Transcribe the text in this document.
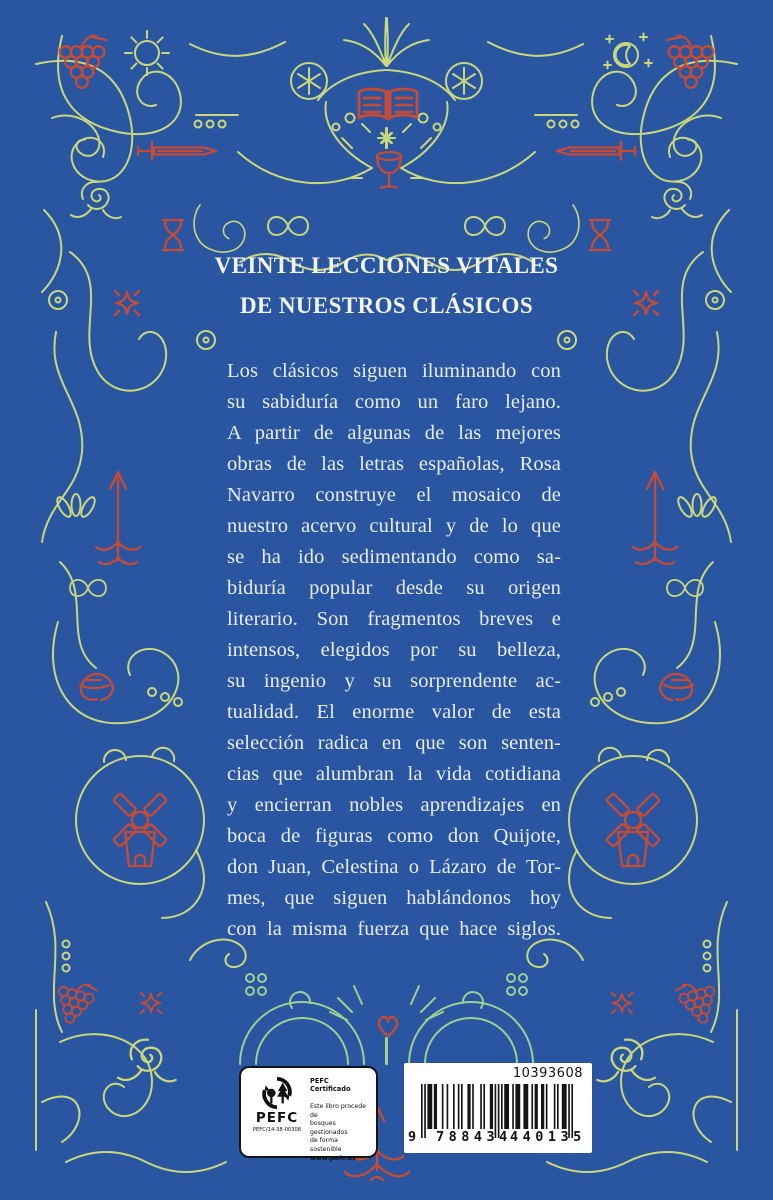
VEINTE LECCIONES VITALES
DE NUESTROS CLÁSICOS
Los clásicos siguen iluminando con
su sabiduría como un faro lejano.
A partir de algunas de las mejores
obras de las letras españolas, Rosa
Navarro construye el mosaico de
nuestro acervo cultural y de lo que
se ha ido sedimentando como sa-
biduría popular desde su origen
literario. Son fragmentos breves e
intensos, elegidos por su belleza,
su ingenio y su sorprendente ac-
tualidad. El enorme valor de esta
selección radica en que son senten-
cias que alumbran la vida cotidiana
y encierran nobles aprendizajes en
boca de figuras como don Quijote,
don Juan, Celestina o Lázaro de Tor-
mes, que siguen hablándonos hoy
con la misma fuerza que hace siglos.
PEFC
PEFC/14-38-00308
PEFC Certificado
Este libro procede de
bosques gestionados
de forma sostenible
www.pefc.es
10393608
9 788434
440135
